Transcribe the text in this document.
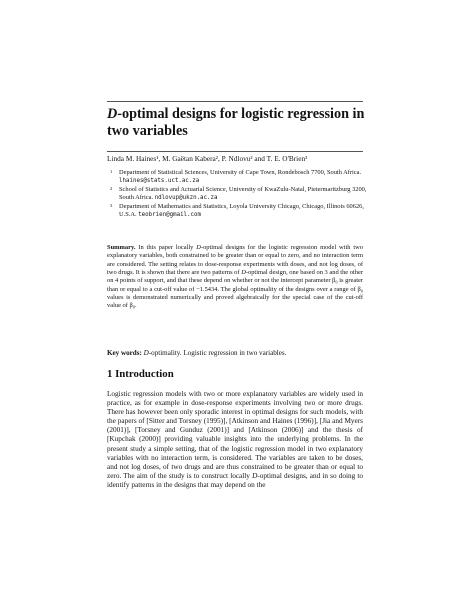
D-optimal designs for logistic regression in two variables
Linda M. Haines¹, M. Gaëtan Kabera², P. Ndlovu² and T. E. O'Brien³
1 Department of Statistical Sciences, University of Cape Town, Rondebosch 7700, South Africa. lhaines@stats.uct.ac.za
2 School of Statistics and Actuarial Science, University of KwaZulu-Natal, Pietermaritzburg 3200, South Africa. ndlovup@ukzn.ac.za
3 Department of Mathematics and Statistics, Loyola University Chicago, Chicago, Illinois 60626, U.S.A. teobrien@gmail.com
Summary. In this paper locally D-optimal designs for the logistic regression model with two explanatory variables, both constrained to be greater than or equal to zero, and no interaction term are considered. The setting relates to dose-response experiments with doses, and not log doses, of two drugs. It is shown that there are two patterns of D-optimal design, one based on 3 and the other on 4 points of support, and that these depend on whether or not the intercept parameter β₀ is greater than or equal to a cut-off value of −1.5434. The global optimality of the designs over a range of β₀ values is demonstrated numerically and proved algebraically for the special case of the cut-off value of β₀.
Key words: D-optimality. Logistic regression in two variables.
1 Introduction
Logistic regression models with two or more explanatory variables are widely used in practice, as for example in dose-response experiments involving two or more drugs. There has however been only sporadic interest in optimal designs for such models, with the papers of [Sitter and Torsney (1995)], [Atkinson and Haines (1996)], [Jia and Myers (2001)], [Torsney and Gunduz (2001)] and [Atkinson (2006)] and the thesis of [Kupchak (2000)] providing valuable insights into the underlying problems. In the present study a simple setting, that of the logistic regression model in two explanatory variables with no interaction term, is considered. The variables are taken to be doses, and not log doses, of two drugs and are thus constrained to be greater than or equal to zero. The aim of the study is to construct locally D-optimal designs, and in so doing to identify patterns in the designs that may depend on the
